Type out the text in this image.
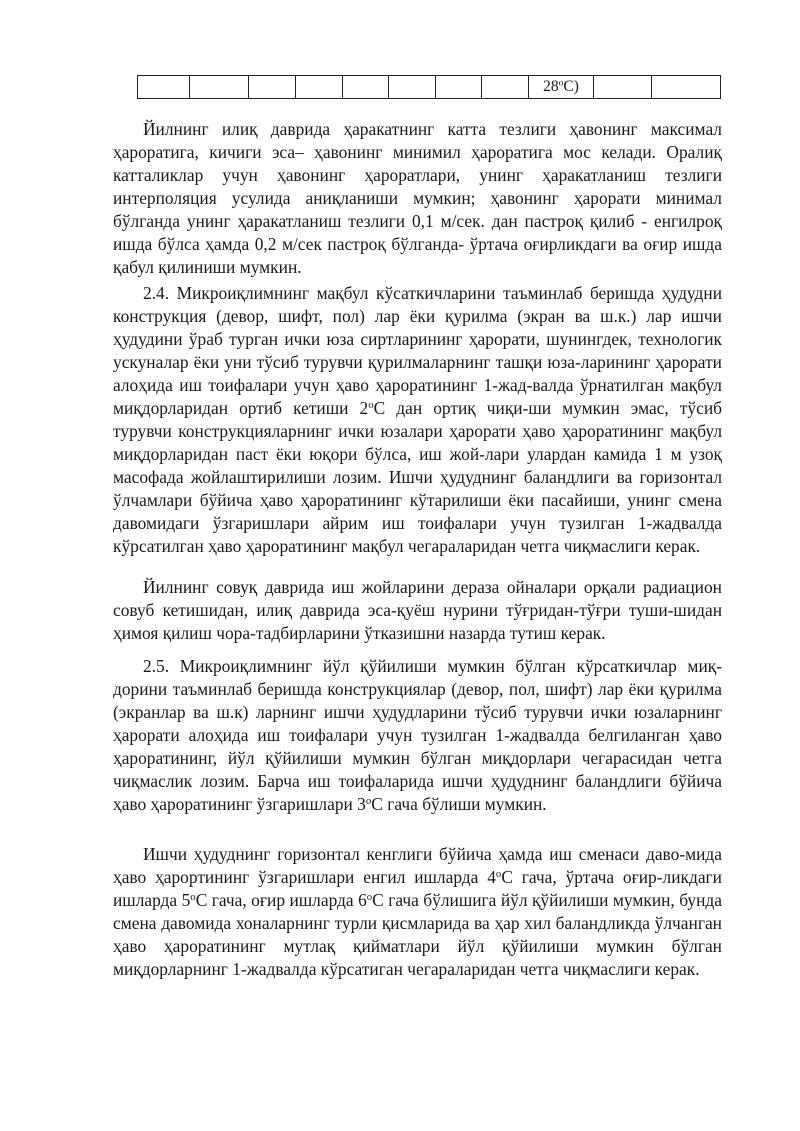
								28$^o$С)		

Йилнинг илиқ даврида ҳаракатнинг катта тезлиги ҳавонинг максимал ҳароратига, кичиги эса– ҳавонинг минимил ҳароратига мос келади. Оралиқ катталиклар учун ҳавонинг ҳароратлари, унинг ҳаракатланиш тезлиги интерполяция усулида аниқланиши мумкин; ҳавонинг ҳарорати минимал бўлганда унинг ҳаракатланиш тезлиги 0,1 м/сек. дан пастроқ қилиб - енгилроқ ишда бўлса ҳамда 0,2 м/сек пастроқ бўлганда- ўртача оғирликдаги ва оғир ишда қабул қилиниши мумкин.

2.4. Микроиқлимнинг мақбул кўсаткичларини таъминлаб беришда ҳудудни конструкция (девор, шифт, пол) лар ёки қурилма (экран ва ш.к.) лар ишчи ҳудудини ўраб турган ички юза сиртларининг ҳарорати, шунингдек, технологик ускуналар ёки уни тўсиб турувчи қурилмаларнинг ташқи юза-ларининг ҳарорати алоҳида иш тоифалари учун ҳаво ҳароратининг 1-жад-валда ўрнатилган мақбул миқдорларидан ортиб кетиши 2$^o$С дан ортиқ чиқи-ши мумкин эмас, тўсиб турувчи конструкцияларнинг ички юзалари ҳарорати ҳаво ҳароратининг мақбул миқдорларидан паст ёки юқори бўлса, иш жой-лари улардан камида 1 м узоқ масофада жойлаштирилиши лозим. Ишчи ҳудуднинг баландлиги ва горизонтал ўлчамлари бўйича ҳаво ҳароратининг кўтарилиши ёки пасайиши, унинг смена давомидаги ўзгаришлари айрим иш тоифалари учун тузилган 1-жадвалда кўрсатилган ҳаво ҳароратининг мақбул чегараларидан четга чиқмаслиги керак.

Йилнинг совуқ даврида иш жойларини дераза ойналари орқали радиацион совуб кетишидан, илиқ даврида эса-қуёш нурини тўғридан-тўғри туши-шидан ҳимоя қилиш чора-тадбирларини ўтказишни назарда тутиш керак.

2.5. Микроиқлимнинг йўл қўйилиши мумкин бўлган кўрсаткичлар миқ-дорини таъминлаб беришда конструкциялар (девор, пол, шифт) лар ёки қурилма (экранлар ва ш.к) ларнинг ишчи ҳудудларини тўсиб турувчи ички юзаларнинг ҳарорати алоҳида иш тоифалари учун тузилган 1-жадвалда белгиланган ҳаво ҳароратининг, йўл қўйилиши мумкин бўлган миқдорлари чегарасидан четга чиқмаслик лозим. Барча иш тоифаларида ишчи ҳудуднинг баландлиги бўйича ҳаво ҳароратининг ўзгаришлари 3$^o$С гача бўлиши мумкин.

Ишчи ҳудуднинг горизонтал кенглиги бўйича ҳамда иш сменаси даво-мида ҳаво ҳарортининг ўзгаришлари енгил ишларда 4$^o$С гача, ўртача оғир-ликдаги ишларда 5$^o$С гача, оғир ишларда 6$^o$С гача бўлишига йўл қўйилиши мумкин, бунда смена давомида хоналарнинг турли қисмларида ва ҳар хил баландликда ўлчанган ҳаво ҳароратининг мутлақ қийматлари йўл қўйилиши мумкин бўлган миқдорларнинг 1-жадвалда кўрсатиган чегараларидан четга чиқмаслиги керак.
